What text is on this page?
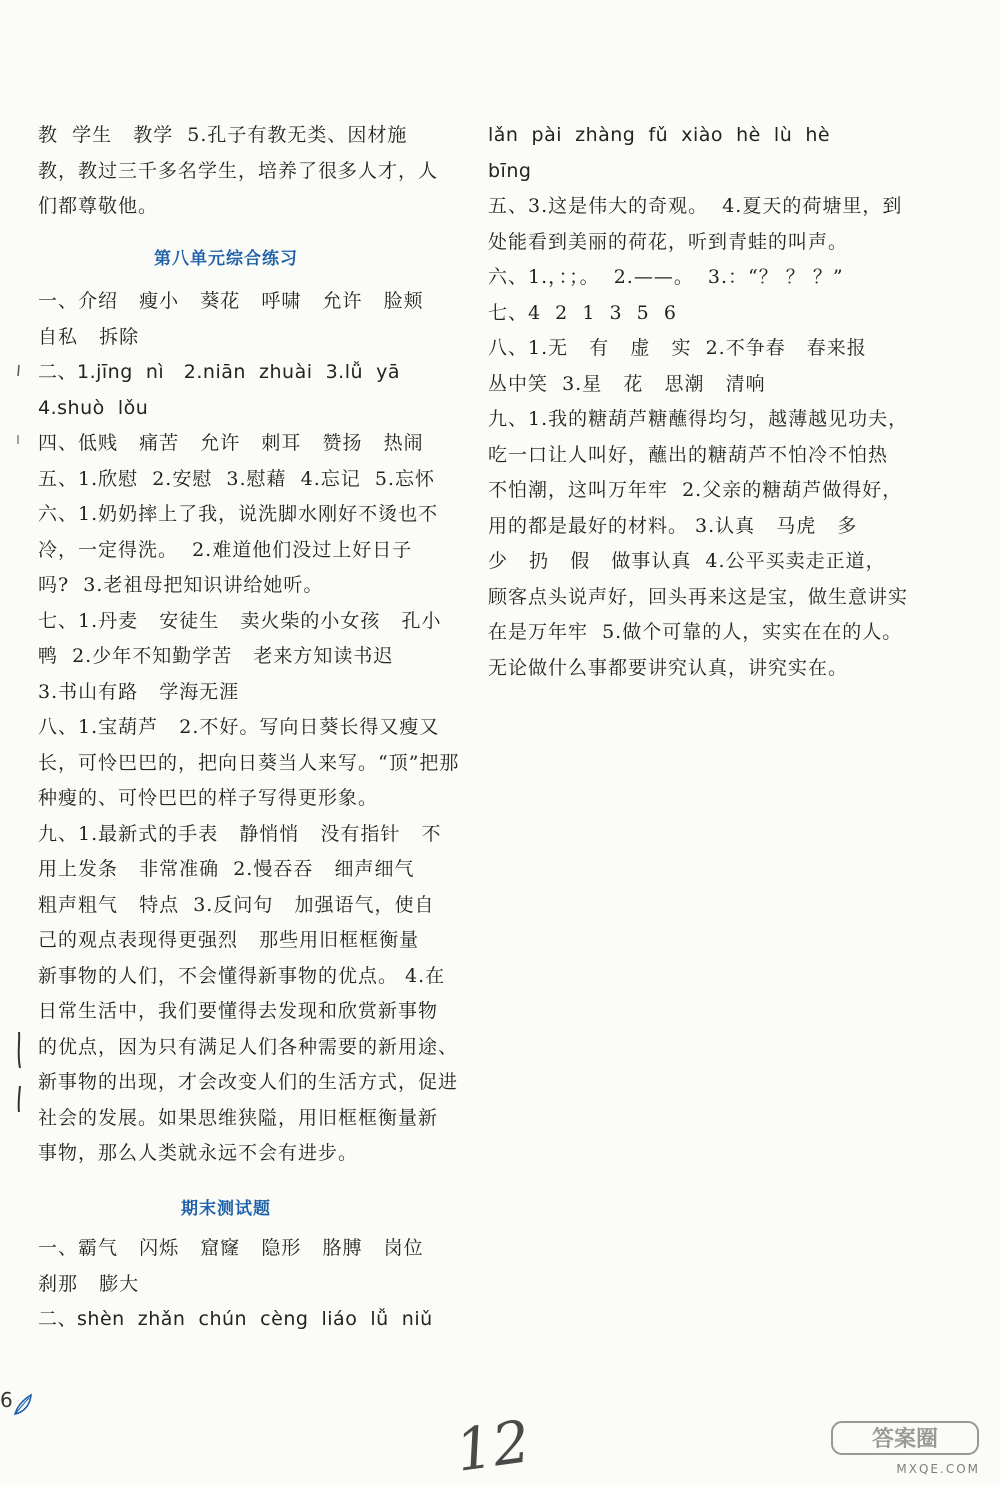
教  学生   教学  5.孔子有教无类、因材施
教，教过三千多名学生，培养了很多人才，人
们都尊敬他。
第八单元综合练习
一、介绍   瘦小   葵花   呼啸   允许   脸颊
自私   拆除
二、1.jīng  nì   2.niān  zhuài  3.lǚ  yā
4.shuò  lǒu
四、低贱   痛苦   允许   刺耳   赞扬   热闹
五、1.欣慰  2.安慰  3.慰藉  4.忘记  5.忘怀
六、1.奶奶摔上了我，说洗脚水刚好不烫也不
冷，一定得洗。  2.难道他们没过上好日子
吗?  3.老祖母把知识讲给她听。
七、1.丹麦   安徒生   卖火柴的小女孩   孔小
鸭  2.少年不知勤学苦   老来方知读书迟
3.书山有路   学海无涯
八、1.宝葫芦   2.不好。写向日葵长得又瘦又
长，可怜巴巴的，把向日葵当人来写。“顶”把那
种瘦的、可怜巴巴的样子写得更形象。
九、1.最新式的手表   静悄悄   没有指针   不
用上发条   非常准确  2.慢吞吞   细声细气
粗声粗气   特点  3.反问句   加强语气，使自
己的观点表现得更强烈   那些用旧框框衡量
新事物的人们，不会懂得新事物的优点。 4.在
日常生活中，我们要懂得去发现和欣赏新事物
的优点，因为只有满足人们各种需要的新用途、
新事物的出现，才会改变人们的生活方式，促进
社会的发展。如果思维狭隘，用旧框框衡量新
事物，那么人类就永远不会有进步。
期末测试题
一、霸气   闪烁   窟窿   隐形   胳膊   岗位
刹那   膨大
二、shèn  zhǎn  chún  cèng  liáo  lǚ  niǔ
lǎn  pài  zhàng  fǔ  xiào  hè  lù  hè
bīng
五、3.这是伟大的奇观。  4.夏天的荷塘里，到
处能看到美丽的荷花，听到青蛙的叫声。
六、1.，：；。  2.——。  3.：“？ ？ ？”
七、4  2  1  3  5  6
八、1.无   有   虚   实  2.不争春   春来报
丛中笑  3.星   花   思潮   清响
九、1.我的糖葫芦糖蘸得均匀，越薄越见功夫，
吃一口让人叫好，蘸出的糖葫芦不怕冷不怕热
不怕潮，这叫万年牢  2.父亲的糖葫芦做得好，
用的都是最好的材料。 3.认真   马虎   多
少   扔   假   做事认真  4.公平买卖走正道，
顾客点头说声好，回头再来这是宝，做生意讲实
在是万年牢  5.做个可靠的人，实实在在的人。
无论做什么事都要讲究认真，讲究实在。
6
12	答案圈
MXQE.COM
